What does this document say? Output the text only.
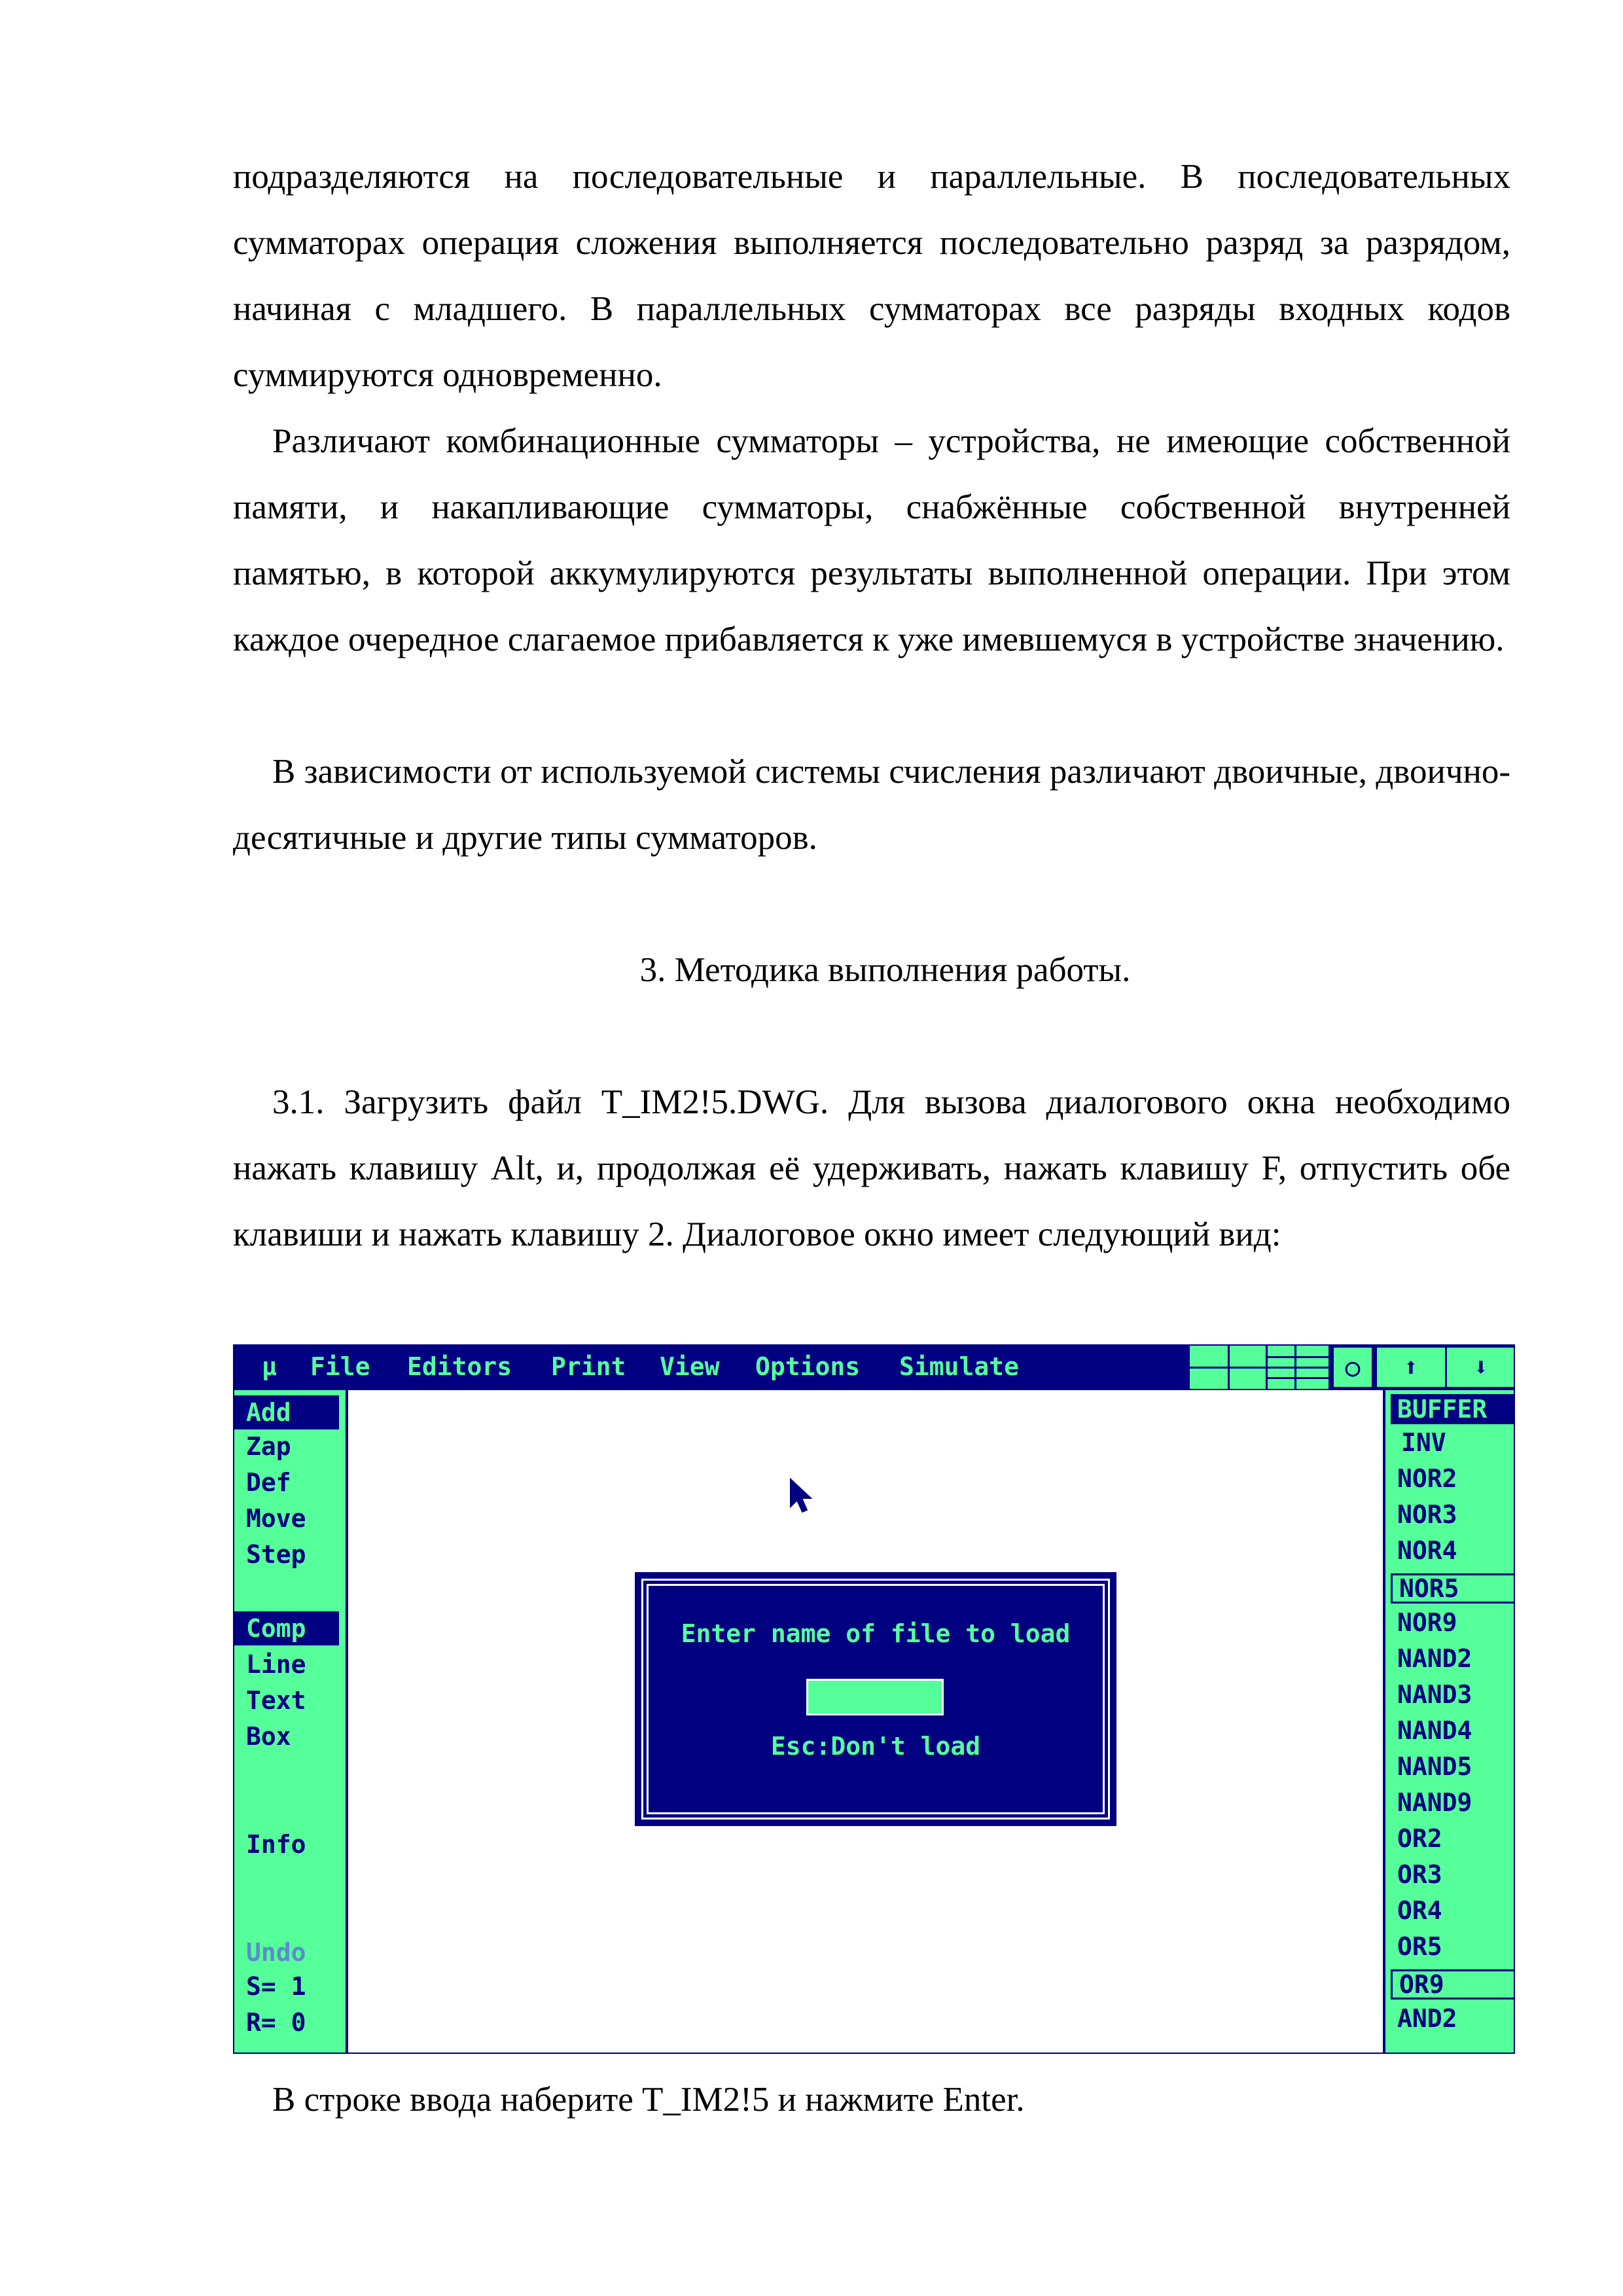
подразделяются на последовательные и параллельные. В последовательных сумматорах операция сложения выполняется последовательно разряд за разрядом, начиная с младшего. В параллельных сумматорах все разряды входных кодов суммируются одновременно.

Различают комбинационные сумматоры – устройства, не имеющие собственной памяти, и накапливающие сумматоры, снабжённые собственной внутренней памятью, в которой аккумулируются результаты выполненной операции. При этом каждое очередное слагаемое прибавляется к уже имевшемуся в устройстве значению.

В зависимости от используемой системы счисления различают двоичные, двоично-десятичные и другие типы сумматоров.

3. Методика выполнения работы.

3.1. Загрузить файл T_IM2!5.DWG. Для вызова диалогового окна необходимо нажать клавишу Alt, и, продолжая её удерживать, нажать клавишу F, отпустить обе клавиши и нажать клавишу 2. Диалоговое окно имеет следующий вид:

µ File Editors Print View Options Simulate	○	⬆	⬇
Add
Zap
Def
Move
Step
Comp
Line
Text
Box
Info
Undo
S= 1
R= 0
Enter name of file to load
Esc:Don't load
BUFFER
INV
NOR2
NOR3
NOR4
NOR5
NOR9
NAND2
NAND3
NAND4
NAND5
NAND9
OR2
OR3
OR4
OR5
OR9
AND2

В строке ввода наберите T_IM2!5 и нажмите Enter.
